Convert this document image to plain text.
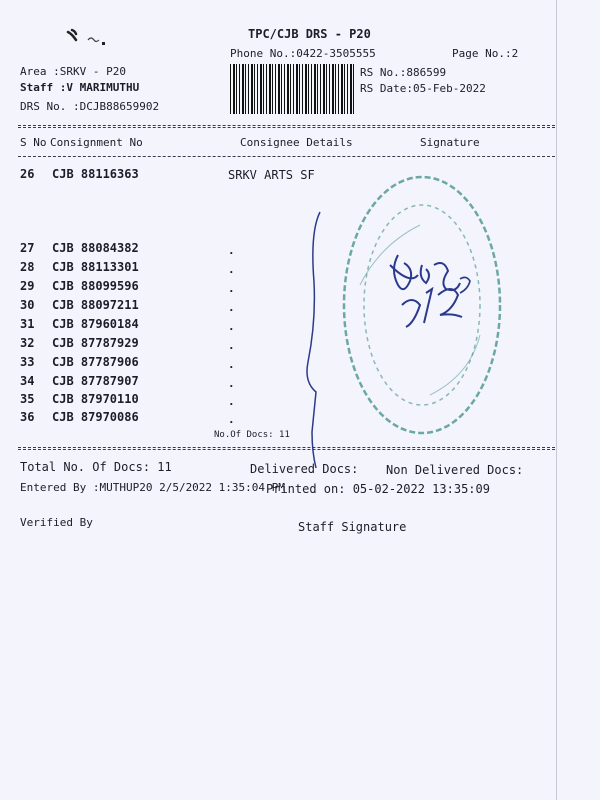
TPC/CJB DRS - P20
Phone No.:0422-3505555	Page No.:2
Area :SRKV - P20
Staff :V MARIMUTHU
DRS No. :DCJB88659902
RS No.:886599
RS Date:05-Feb-2022
S No Consignment No	Consignee Details	Signature
26 CJB 88116363	SRKV ARTS SF
27 CJB 88084382	.
28 CJB 88113301	.
29 CJB 88099596	.
30 CJB 88097211	.
31 CJB 87960184	.
32 CJB 87787929	.
33 CJB 87787906	.
34 CJB 87787907	.
35 CJB 87970110	.
36 CJB 87970086	.
No.Of Docs: 11
Total No. Of Docs: 11	Delivered Docs: Non Delivered Docs:
Entered By :MUTHUP20 2/5/2022 1:35:04 PM
Printed on: 05-02-2022 13:35:09
Verified By	Staff Signature
